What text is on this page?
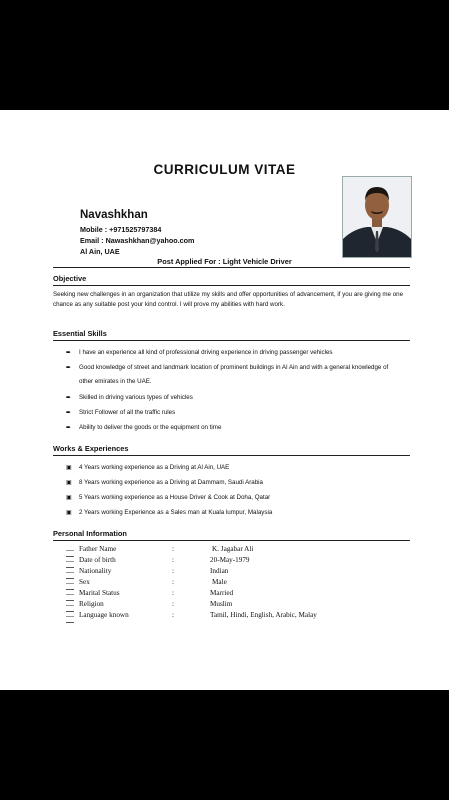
CURRICULUM VITAE
Navashkhan
Mobile : +971525797384
Email : Nawashkhan@yahoo.com
Al Ain, UAE
Post Applied For : Light Vehicle Driver
Objective
Seeking new challenges in an organization that utilize my skills and offer opportunities of advancement, if you are giving me one chance as any suitable post your kind control. I will prove my abilities with hard work.
Essential Skills
➨ I have an experience all kind of professional driving experience in driving passenger vehicles
➨ Good knowledge of street and landmark location of prominent buildings in Al Ain and with a general knowledge of other emirates in the UAE.
➨ Skilled in driving various types of vehicles
➨ Strict Follower of all the traffic rules
➨ Ability to deliver the goods or the equipment on time
Works & Experiences
▣ 4 Years working experience as a Driving at Al Ain, UAE
▣ 8 Years working experience as a Driving at Dammam, Saudi Arabia
▣ 5 Years working experience as a House Driver & Cook at Doha, Qatar
▣ 2 Years working Experience as a Sales man at Kuala lumpur, Malaysia
Personal Information
Father Name	:	K. Jagabar Ali
Date of birth	:	20-May-1979
Nationality	:	Indian
Sex	:	Male
Marital Status	:	Married
Religion	:	Muslim
Language known	:	Tamil, Hindi, English, Arabic, Malay
